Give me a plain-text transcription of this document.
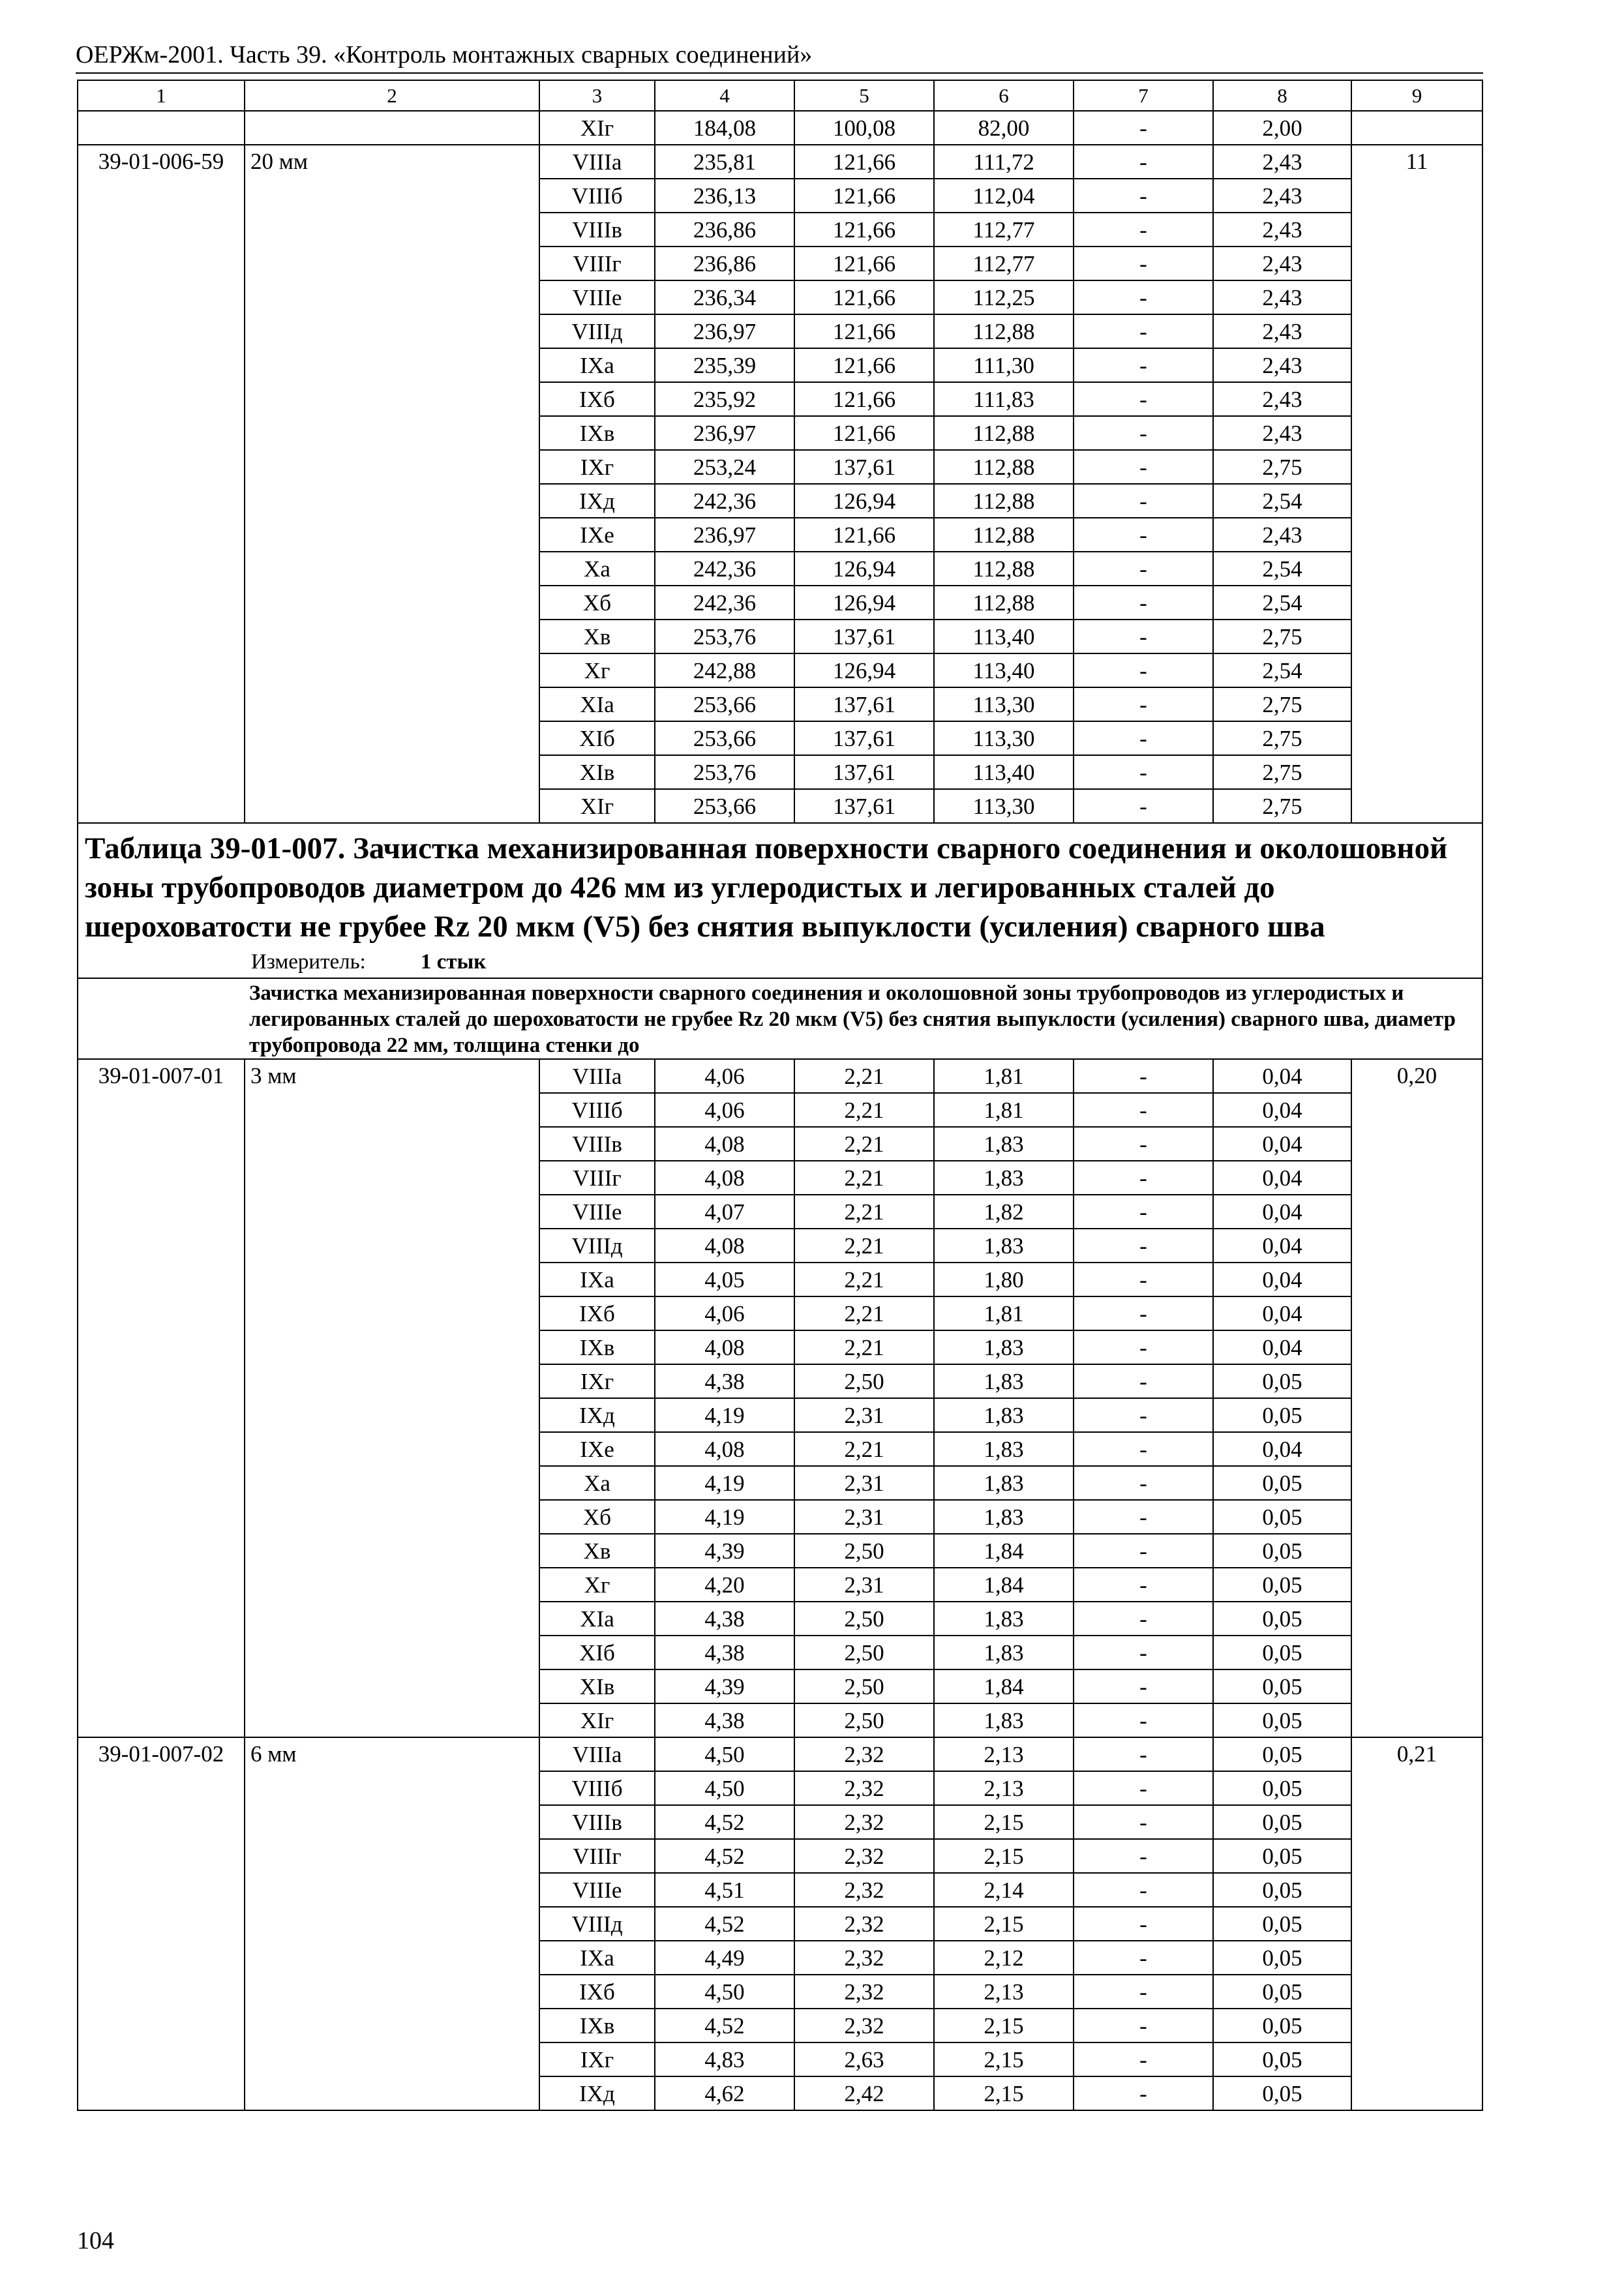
ОЕРЖм-2001. Часть 39. «Контроль монтажных сварных соединений»
1	2	3	4	5	6	7	8	9
		XIг	184,08	100,08	82,00	-	2,00	
39-01-006-59	20 мм	VIIIа	235,81	121,66	111,72	-	2,43	11
		VIIIб	236,13	121,66	112,04	-	2,43	
		VIIIв	236,86	121,66	112,77	-	2,43	
		VIIIг	236,86	121,66	112,77	-	2,43	
		VIIIе	236,34	121,66	112,25	-	2,43	
		VIIIд	236,97	121,66	112,88	-	2,43	
		IXа	235,39	121,66	111,30	-	2,43	
		IXб	235,92	121,66	111,83	-	2,43	
		IXв	236,97	121,66	112,88	-	2,43	
		IXг	253,24	137,61	112,88	-	2,75	
		IXд	242,36	126,94	112,88	-	2,54	
		IXе	236,97	121,66	112,88	-	2,43	
		Xа	242,36	126,94	112,88	-	2,54	
		Xб	242,36	126,94	112,88	-	2,54	
		Xв	253,76	137,61	113,40	-	2,75	
		Xг	242,88	126,94	113,40	-	2,54	
		XIа	253,66	137,61	113,30	-	2,75	
		XIб	253,66	137,61	113,30	-	2,75	
		XIв	253,76	137,61	113,40	-	2,75	
		XIг	253,66	137,61	113,30	-	2,75	

Таблица 39-01-007. Зачистка механизированная поверхности сварного соединения и околошовной зоны трубопроводов диаметром до 426 мм из углеродистых и легированных сталей до шероховатости не грубее Rz 20 мкм (V5) без снятия выпуклости (усиления) сварного шва
Измеритель: 1 стык								

Зачистка механизированная поверхности сварного соединения и околошовной зоны трубопроводов из углеродистых и легированных сталей до шероховатости не грубее Rz 20 мкм (V5) без снятия выпуклости (усиления) сварного шва, диаметр трубопровода 22 мм, толщина стенки до								

39-01-007-01	3 мм	VIIIа	4,06	2,21	1,81	-	0,04	0,20
		VIIIб	4,06	2,21	1,81	-	0,04	
		VIIIв	4,08	2,21	1,83	-	0,04	
		VIIIг	4,08	2,21	1,83	-	0,04	
		VIIIе	4,07	2,21	1,82	-	0,04	
		VIIIд	4,08	2,21	1,83	-	0,04	
		IXа	4,05	2,21	1,80	-	0,04	
		IXб	4,06	2,21	1,81	-	0,04	
		IXв	4,08	2,21	1,83	-	0,04	
		IXг	4,38	2,50	1,83	-	0,05	
		IXд	4,19	2,31	1,83	-	0,05	
		IXе	4,08	2,21	1,83	-	0,04	
		Xа	4,19	2,31	1,83	-	0,05	
		Xб	4,19	2,31	1,83	-	0,05	
		Xв	4,39	2,50	1,84	-	0,05	
		Xг	4,20	2,31	1,84	-	0,05	
		XIа	4,38	2,50	1,83	-	0,05	
		XIб	4,38	2,50	1,83	-	0,05	
		XIв	4,39	2,50	1,84	-	0,05	
		XIг	4,38	2,50	1,83	-	0,05	
39-01-007-02	6 мм	VIIIа	4,50	2,32	2,13	-	0,05	0,21
		VIIIб	4,50	2,32	2,13	-	0,05	
		VIIIв	4,52	2,32	2,15	-	0,05	
		VIIIг	4,52	2,32	2,15	-	0,05	
		VIIIе	4,51	2,32	2,14	-	0,05	
		VIIIд	4,52	2,32	2,15	-	0,05	
		IXа	4,49	2,32	2,12	-	0,05	
		IXб	4,50	2,32	2,13	-	0,05	
		IXв	4,52	2,32	2,15	-	0,05	
		IXг	4,83	2,63	2,15	-	0,05	
		IXд	4,62	2,42	2,15	-	0,05	
104
